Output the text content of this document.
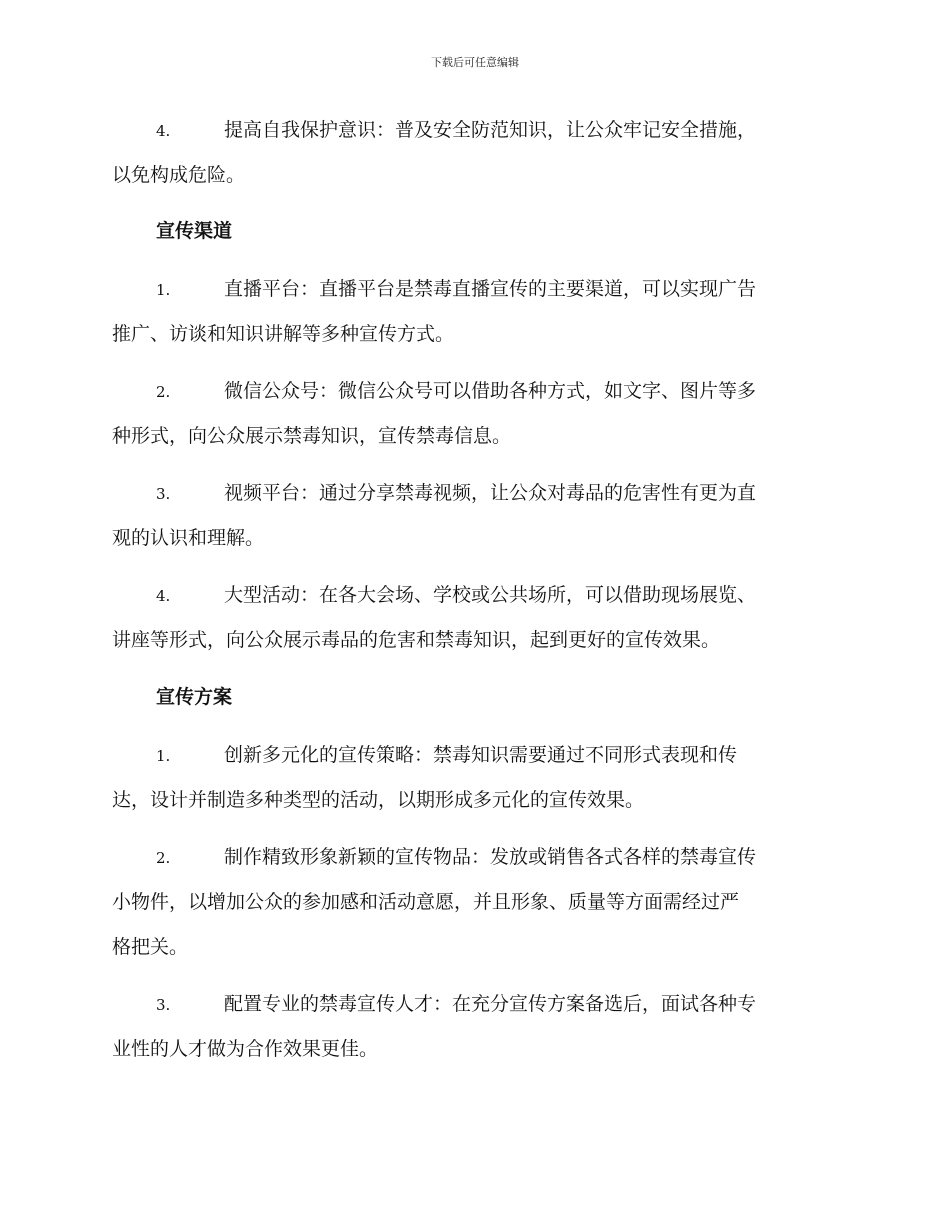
下载后可任意编辑
4.	提高自我保护意识：普及安全防范知识，让公众牢记安全措施，
以免构成危险。
宣传渠道
1.	直播平台：直播平台是禁毒直播宣传的主要渠道，可以实现广告
推广、访谈和知识讲解等多种宣传方式。
2.	微信公众号：微信公众号可以借助各种方式，如文字、图片等多
种形式，向公众展示禁毒知识，宣传禁毒信息。
3.	视频平台：通过分享禁毒视频，让公众对毒品的危害性有更为直
观的认识和理解。
4.	大型活动：在各大会场、学校或公共场所，可以借助现场展览、
讲座等形式，向公众展示毒品的危害和禁毒知识，起到更好的宣传效果。
宣传方案
1.	创新多元化的宣传策略：禁毒知识需要通过不同形式表现和传
达，设计并制造多种类型的活动，以期形成多元化的宣传效果。
2.	制作精致形象新颖的宣传物品：发放或销售各式各样的禁毒宣传
小物件，以增加公众的参加感和活动意愿，并且形象、质量等方面需经过严
格把关。
3.	配置专业的禁毒宣传人才：在充分宣传方案备选后，面试各种专
业性的人才做为合作效果更佳。
